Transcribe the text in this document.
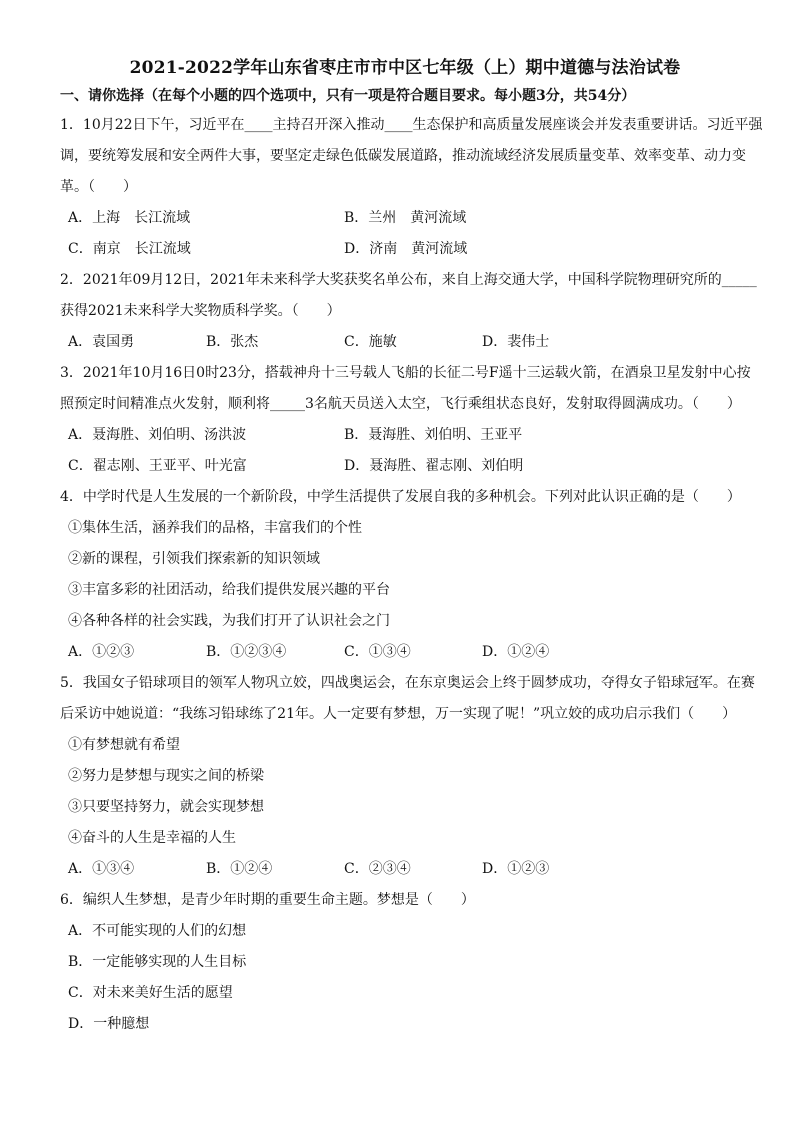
2021-2022学年山东省枣庄市市中区七年级（上）期中道德与法治试卷
一、请你选择（在每个小题的四个选项中，只有一项是符合题目要求。每小题3分，共54分）
1．10月22日下午，习近平在____主持召开深入推动____生态保护和高质量发展座谈会并发表重要讲话。习近平强
调，要统筹发展和安全两件大事，要坚定走绿色低碳发展道路，推动流域经济发展质量变革、效率变革、动力变
革。（　　）
A．上海　长江流域	B．兰州　黄河流域
C．南京　长江流域	D．济南　黄河流域
2．2021年09月12日，2021年未来科学大奖获奖名单公布，来自上海交通大学，中国科学院物理研究所的_____
获得2021未来科学大奖物质科学奖。（　　）
A．袁国勇	B．张杰	C．施敏	D．裴伟士
3．2021年10月16日0时23分，搭载神舟十三号载人飞船的长征二号F遥十三运载火箭，在酒泉卫星发射中心按
照预定时间精准点火发射，顺利将_____3名航天员送入太空，飞行乘组状态良好，发射取得圆满成功。（　　）
A．聂海胜、刘伯明、汤洪波	B．聂海胜、刘伯明、王亚平
C．翟志刚、王亚平、叶光富	D．聂海胜、翟志刚、刘伯明
4．中学时代是人生发展的一个新阶段，中学生活提供了发展自我的多种机会。下列对此认识正确的是（　　）
①集体生活，涵养我们的品格，丰富我们的个性
②新的课程，引领我们探索新的知识领域
③丰富多彩的社团活动，给我们提供发展兴趣的平台
④各种各样的社会实践，为我们打开了认识社会之门
A．①②③	B．①②③④	C．①③④	D．①②④
5．我国女子铅球项目的领军人物巩立姣，四战奥运会，在东京奥运会上终于圆梦成功，夺得女子铅球冠军。在赛
后采访中她说道：“我练习铅球练了21年。人一定要有梦想，万一实现了呢！”巩立姣的成功启示我们（　　）
①有梦想就有希望
②努力是梦想与现实之间的桥梁
③只要坚持努力，就会实现梦想
④奋斗的人生是幸福的人生
A．①③④	B．①②④	C．②③④	D．①②③
6．编织人生梦想，是青少年时期的重要生命主题。梦想是（　　）
A．不可能实现的人们的幻想
B．一定能够实现的人生目标
C．对未来美好生活的愿望
D．一种臆想
